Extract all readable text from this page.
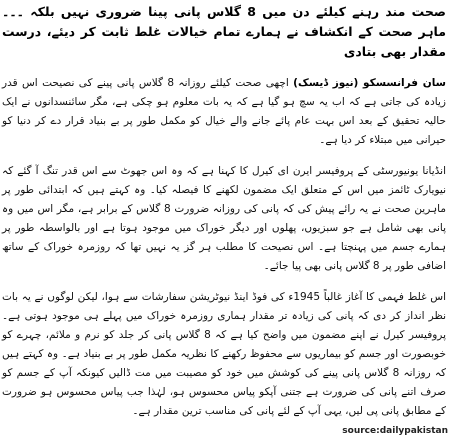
صحت مند رہنے کیلئے دن میں 8 گلاس پانی پینا ضروری نہیں بلکہ ۔۔۔ ماہر صحت کے انکشاف نے ہمارے تمام خیالات غلط ثابت کر دیئے، درست مقدار بھی بتادی

سان فرانسسکو (نیوز ڈیسک) اچھی صحت کیلئے روزانہ 8 گلاس پانی پینے کی نصیحت اس قدر زیادہ کی جاتی ہے کہ اب یہ سچ ہو گیا ہے کہ یہ بات معلوم ہو چکی ہے، مگر سائنسدانوں نے ایک حالیہ تحقیق کے بعد اس بہت عام پائے جانے والے خیال کو مکمل طور پر بے بنیاد قرار دے کر دنیا کو حیرانی میں مبتلاء کر دیا ہے۔

انڈیانا یونیورسٹی کے پروفیسر ایرن ای کیرل کا کہنا ہے کہ وہ اس جھوٹ سے اس قدر تنگ آ گئے کہ نیویارک ٹائمز میں اس کے متعلق ایک مضمون لکھنے کا فیصلہ کیا۔ وہ کہتے ہیں کہ ابتدائی طور پر ماہرین صحت نے یہ رائے پیش کی کہ پانی کی روزانہ ضرورت 8 گلاس کے برابر ہے، مگر اس میں وہ پانی بھی شامل ہے جو سبزیوں، پھلوں اور دیگر خوراک میں موجود ہوتا ہے اور بالواسطہ طور پر ہمارے جسم میں پہنچتا ہے۔ اس نصیحت کا مطلب ہر گز یہ نہیں تھا کہ روزمرہ خوراک کے ساتھ اضافی طور پر 8 گلاس پانی بھی پیا جائے۔

اس غلط فہمی کا آغاز غالباً 1945ء کی فوڈ اینڈ نیوٹریشن سفارشات سے ہوا، لیکن لوگوں نے یہ بات نظر انداز کر دی کہ پانی کی زیادہ تر مقدار ہماری روزمرہ خوراک میں پہلے ہی موجود ہوتی ہے۔ پروفیسر کیرل نے اپنے مضمون میں واضح کیا ہے کہ 8 گلاس پانی کر جلد کو نرم و ملائم، چہرے کو خوبصورت اور جسم کو بیماریوں سے محفوظ رکھنے کا نظریہ مکمل طور پر بے بنیاد ہے۔ وہ کہتے ہیں کہ روزانہ 8 گلاس پانی پینے کی کوشش میں خود کو مصیبت میں مت ڈالیں کیونکہ آپ کے جسم کو صرف اتنے پانی کی ضرورت ہے جتنی آپکو پیاس محسوس ہو، لہٰذا جب پیاس محسوس ہو ضرورت کے مطابق پانی پی لیں، یہی آپ کے لئے پانی کی مناسب ترین مقدار ہے۔

source:dailypakistan
